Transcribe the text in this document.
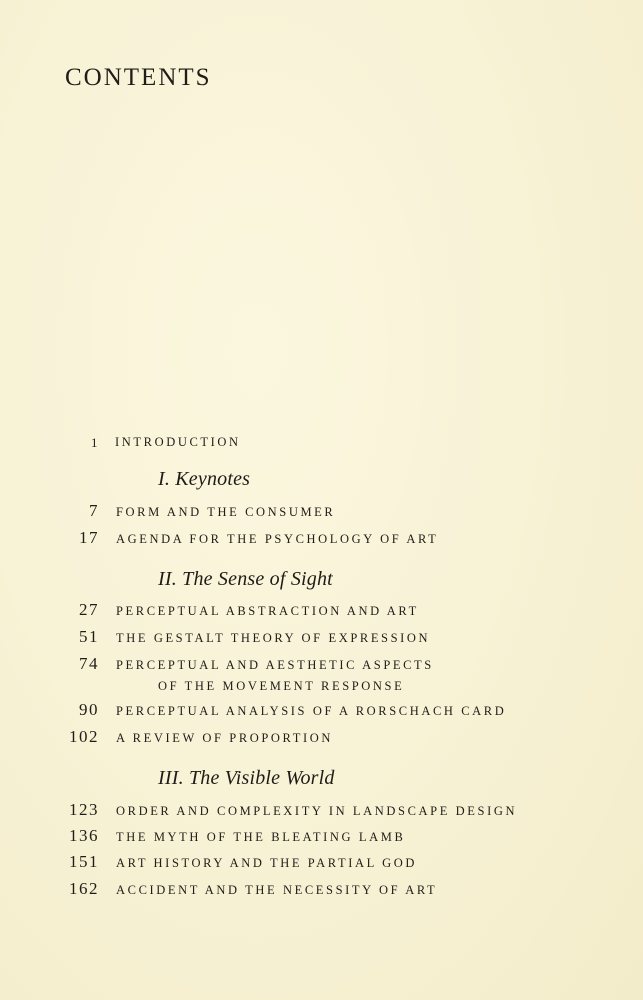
CONTENTS
1 INTRODUCTION
I. Keynotes
7 FORM AND THE CONSUMER
17 AGENDA FOR THE PSYCHOLOGY OF ART
II. The Sense of Sight
27 PERCEPTUAL ABSTRACTION AND ART
51 THE GESTALT THEORY OF EXPRESSION
74 PERCEPTUAL AND AESTHETIC ASPECTS
OF THE MOVEMENT RESPONSE
90 PERCEPTUAL ANALYSIS OF A RORSCHACH CARD
102 A REVIEW OF PROPORTION
III. The Visible World
123 ORDER AND COMPLEXITY IN LANDSCAPE DESIGN
136 THE MYTH OF THE BLEATING LAMB
151 ART HISTORY AND THE PARTIAL GOD
162 ACCIDENT AND THE NECESSITY OF ART
